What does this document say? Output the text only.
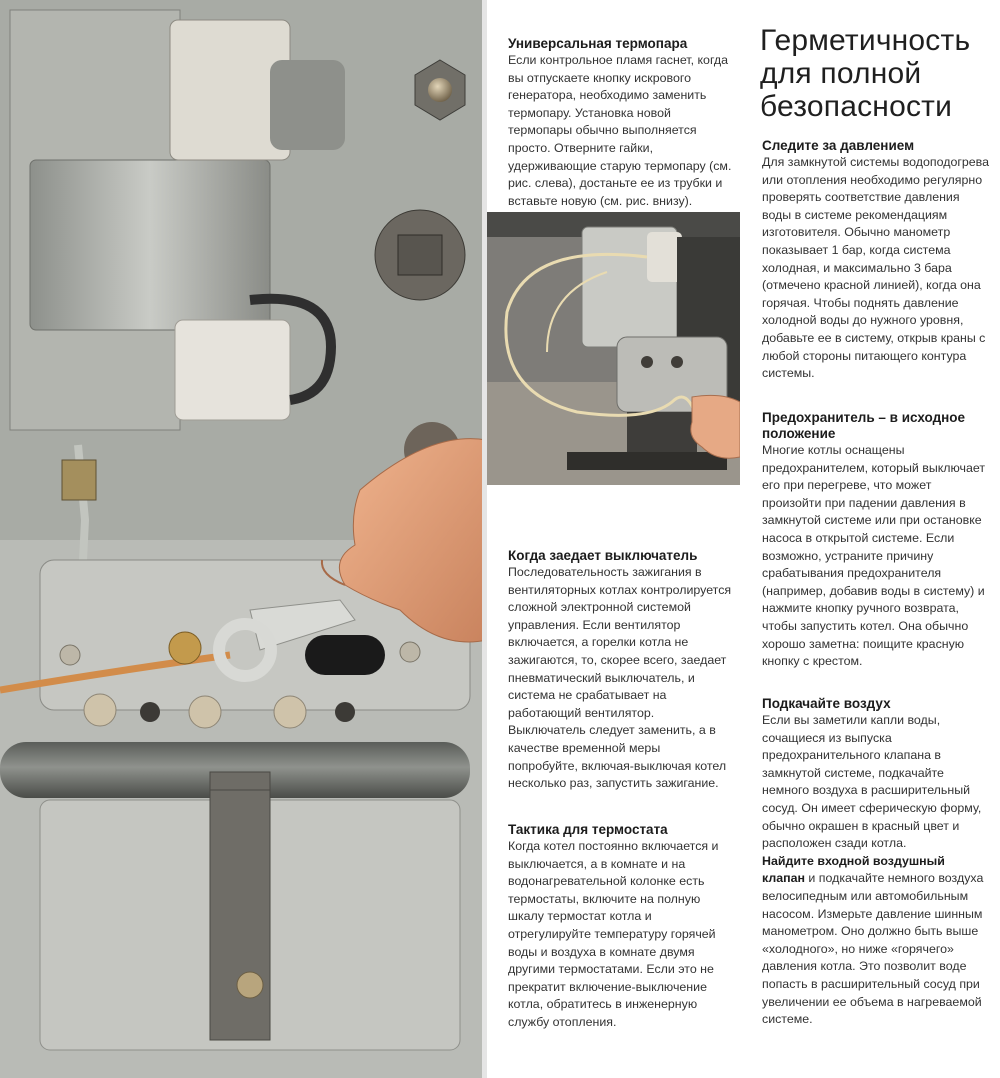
Универсальная термопара

Если контрольное пламя гаснет, когда вы отпускаете кнопку искрового генератора, необходимо заменить термопару. Установка новой термопары обычно выполняется просто. Отверните гайки, удерживающие старую термопару (см. рис. слева), достаньте ее из трубки и вставьте новую (см. рис. внизу).

Когда заедает выключатель

Последовательность зажигания в вентиляторных котлах контролируется сложной электронной системой управления. Если вентилятор включается, а горелки котла не зажигаются, то, скорее всего, заедает пневматический выключатель, и система не срабатывает на работающий вентилятор. Выключатель следует заменить, а в качестве временной меры попробуйте, включая-выключая котел несколько раз, запустить зажигание.

Тактика для термостата

Когда котел постоянно включается и выключается, а в комнате и на водонагревательной колонке есть термостаты, включите на полную шкалу термостат котла и отрегулируйте температуру горячей воды и воздуха в комнате двумя другими термостатами. Если это не прекратит включение-выключение котла, обратитесь в инженерную службу отопления.

Герметичность для полной безопасности
Следите за давлением

Для замкнутой системы водоподогрева или отопления необходимо регулярно проверять соответствие давления воды в системе рекомендациям изготовителя. Обычно манометр показывает 1 бар, когда система холодная, и максимально 3 бара (отмечено красной линией), когда она горячая. Чтобы поднять давление холодной воды до нужного уровня, добавьте ее в систему, открыв краны с любой стороны питающего контура системы.

Предохранитель – в исходное положение

Многие котлы оснащены предохранителем, который выключает его при перегреве, что может произойти при падении давления в замкнутой системе или при остановке насоса в открытой системе. Если возможно, устраните причину срабатывания предохранителя (например, добавив воды в систему) и нажмите кнопку ручного возврата, чтобы запустить котел. Она обычно хорошо заметна: поищите красную кнопку с крестом.

Подкачайте воздух

Если вы заметили капли воды, сочащиеся из выпуска предохранительного клапана в замкнутой системе, подкачайте немного воздуха в расширительный сосуд. Он имеет сферическую форму, обычно окрашен в красный цвет и расположен сзади котла.
Найдите входной воздушный клапан и подкачайте немного воздуха велосипедным или автомобильным насосом. Измерьте давление шинным манометром. Оно должно быть выше «холодного», но ниже «горячего» давления котла. Это позволит воде попасть в расширительный сосуд при увеличении ее объема в нагреваемой системе.
